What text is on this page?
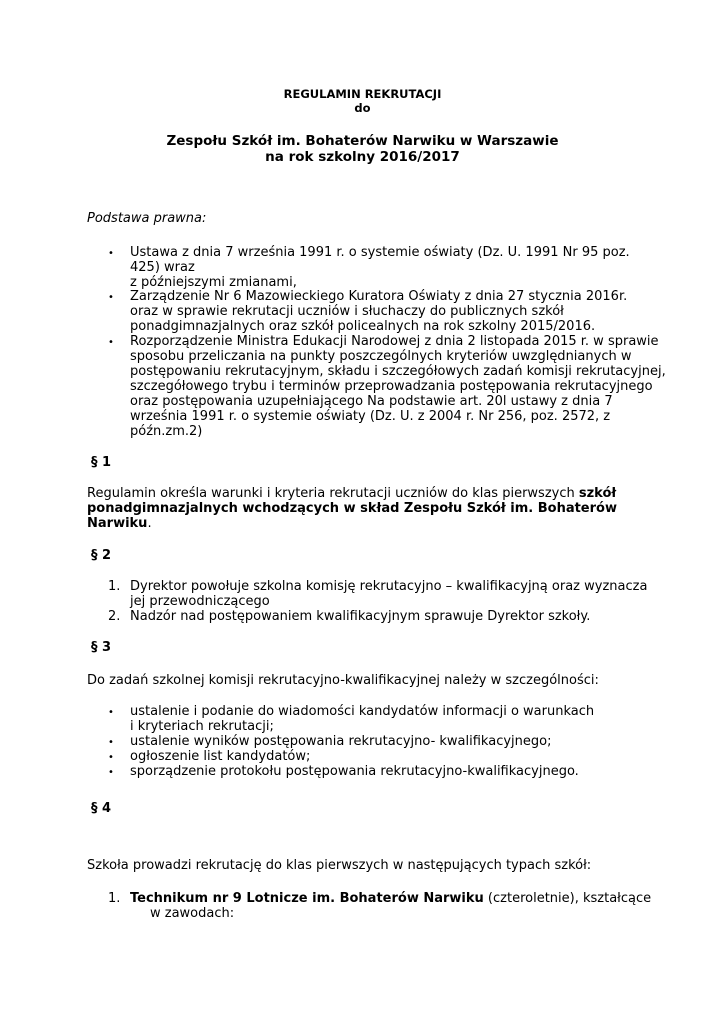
REGULAMIN REKRUTACJI

do

Zespołu Szkół im. Bohaterów Narwiku w Warszawie

na rok szkolny 2016/2017

Podstawa prawna:

• Ustawa z dnia 7 września 1991 r. o systemie oświaty (Dz. U. 1991 Nr 95 poz.

425) wraz

z późniejszymi zmianami,

• Zarządzenie Nr 6 Mazowieckiego Kuratora Oświaty z dnia 27 stycznia 2016r.

oraz w sprawie rekrutacji uczniów i słuchaczy do publicznych szkół

ponadgimnazjalnych oraz szkół policealnych na rok szkolny 2015/2016.

• Rozporządzenie Ministra Edukacji Narodowej z dnia 2 listopada 2015 r. w sprawie

sposobu przeliczania na punkty poszczególnych kryteriów uwzględnianych w

postępowaniu rekrutacyjnym, składu i szczegółowych zadań komisji rekrutacyjnej,

szczegółowego trybu i terminów przeprowadzania postępowania rekrutacyjnego

oraz postępowania uzupełniającego Na podstawie art. 20l ustawy z dnia 7

września 1991 r. o systemie oświaty (Dz. U. z 2004 r. Nr 256, poz. 2572, z

późn.zm.2)

§ 1

Regulamin określa warunki i kryteria rekrutacji uczniów do klas pierwszych szkół

ponadgimnazjalnych wchodzących w skład Zespołu Szkół im. Bohaterów

Narwiku.

§ 2

1. Dyrektor powołuje szkolna komisję rekrutacyjno – kwalifikacyjną oraz wyznacza

jej przewodniczącego

2. Nadzór nad postępowaniem kwalifikacyjnym sprawuje Dyrektor szkoły.

§ 3

Do zadań szkolnej komisji rekrutacyjno-kwalifikacyjnej należy w szczególności:

• ustalenie i podanie do wiadomości kandydatów informacji o warunkach

i kryteriach rekrutacji;

• ustalenie wyników postępowania rekrutacyjno- kwalifikacyjnego;

• ogłoszenie list kandydatów;

• sporządzenie protokołu postępowania rekrutacyjno-kwalifikacyjnego.

§ 4

Szkoła prowadzi rekrutację do klas pierwszych w następujących typach szkół:

1. Technikum nr 9 Lotnicze im. Bohaterów Narwiku (czteroletnie), kształcące

w zawodach:
